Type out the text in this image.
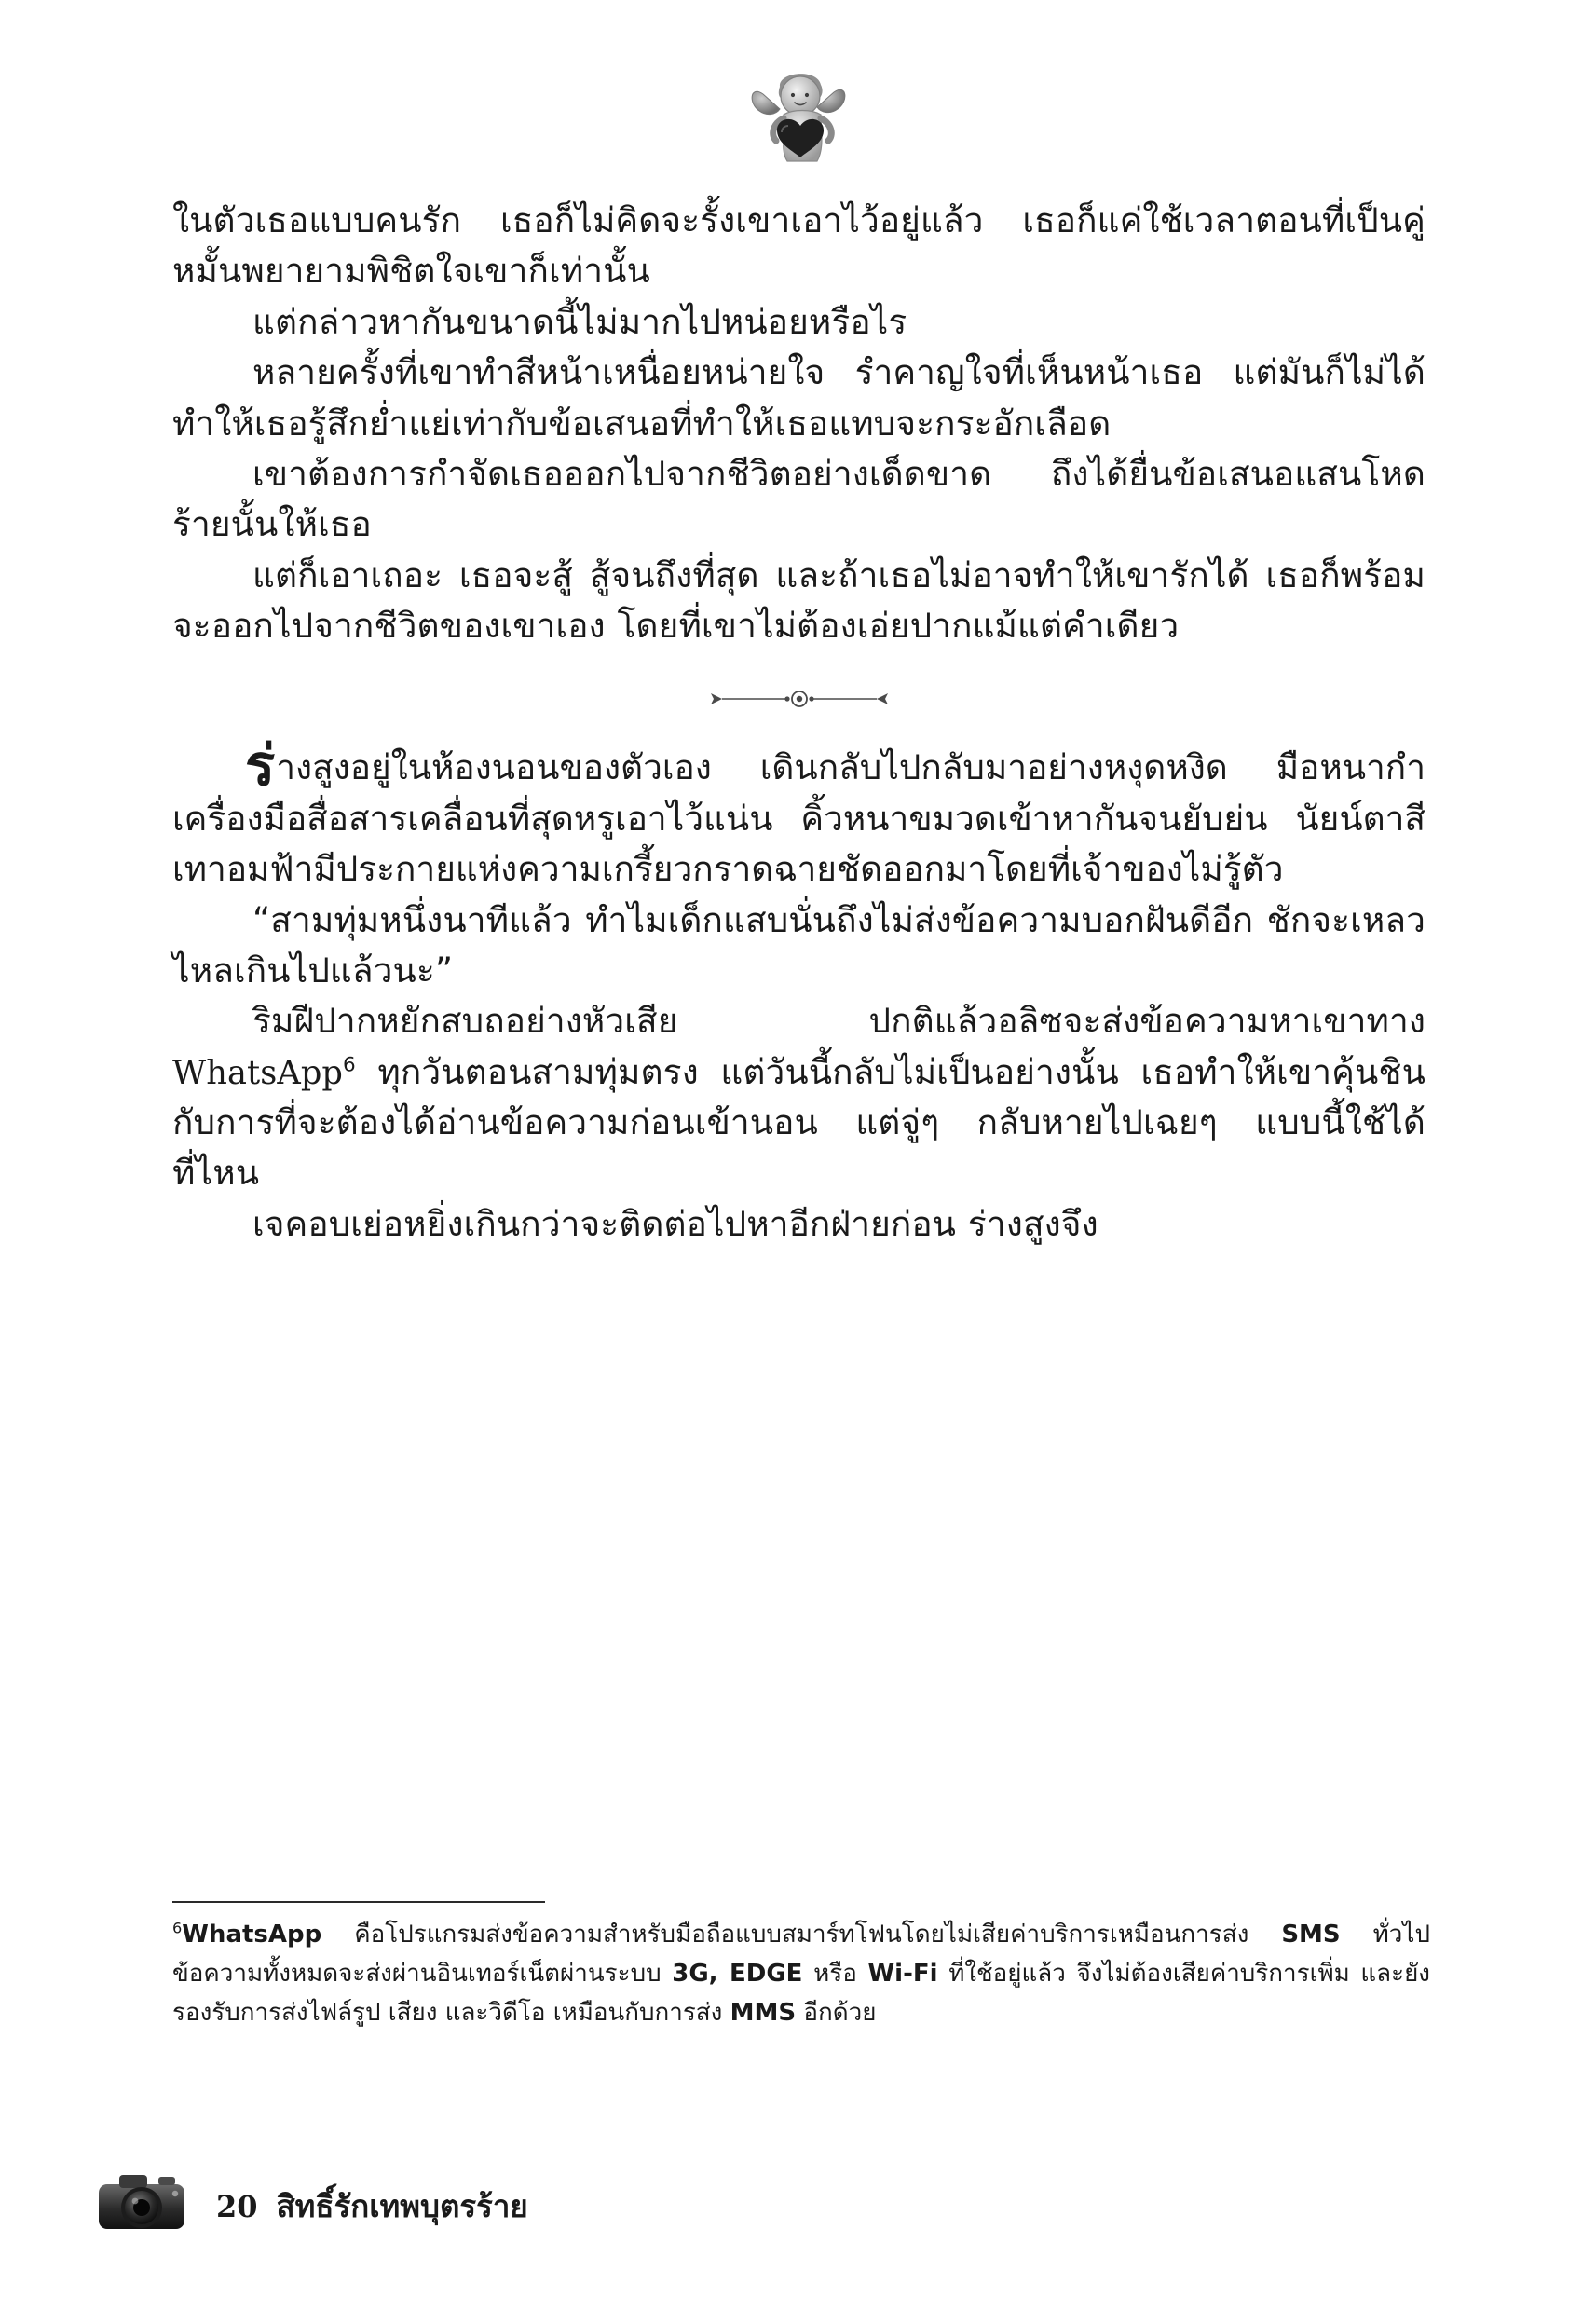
ในตัวเธอแบบคนรัก เธอก็ไม่คิดจะรั้งเขาเอาไว้อยู่แล้ว เธอก็แค่ใช้เวลาตอนที่เป็นคู่หมั้นพยายามพิชิตใจเขาก็เท่านั้น

แต่กล่าวหากันขนาดนี้ไม่มากไปหน่อยหรือไร

หลายครั้งที่เขาทำสีหน้าเหนื่อยหน่ายใจ รำคาญใจที่เห็นหน้าเธอ แต่มันก็ไม่ได้ทำให้เธอรู้สึกย่ำแย่เท่ากับข้อเสนอที่ทำให้เธอแทบจะกระอักเลือด

เขาต้องการกำจัดเธอออกไปจากชีวิตอย่างเด็ดขาด ถึงได้ยื่นข้อเสนอแสนโหดร้ายนั้นให้เธอ

แต่ก็เอาเถอะ เธอจะสู้ สู้จนถึงที่สุด และถ้าเธอไม่อาจทำให้เขารักได้ เธอก็พร้อมจะออกไปจากชีวิตของเขาเอง โดยที่เขาไม่ต้องเอ่ยปากแม้แต่คำเดียว

ร่างสูงอยู่ในห้องนอนของตัวเอง เดินกลับไปกลับมาอย่างหงุดหงิด มือหนากำเครื่องมือสื่อสารเคลื่อนที่สุดหรูเอาไว้แน่น คิ้วหนาขมวดเข้าหากันจนยับย่น นัยน์ตาสีเทาอมฟ้ามีประกายแห่งความเกรี้ยวกราดฉายชัดออกมาโดยที่เจ้าของไม่รู้ตัว

“สามทุ่มหนึ่งนาทีแล้ว ทำไมเด็กแสบนั่นถึงไม่ส่งข้อความบอกฝันดีอีก ชักจะเหลวไหลเกินไปแล้วนะ”

ริมฝีปากหยักสบถอย่างหัวเสีย ปกติแล้วอลิซจะส่งข้อความหาเขาทาง WhatsApp$^6$ ทุกวันตอนสามทุ่มตรง แต่วันนี้กลับไม่เป็นอย่างนั้น เธอทำให้เขาคุ้นชินกับการที่จะต้องได้อ่านข้อความก่อนเข้านอน แต่จู่ๆ กลับหายไปเฉยๆ แบบนี้ใช้ได้ที่ไหน

เจคอบเย่อหยิ่งเกินกว่าจะติดต่อไปหาอีกฝ่ายก่อน ร่างสูงจึง

$^6$WhatsApp คือโปรแกรมส่งข้อความสำหรับมือถือแบบสมาร์ทโฟนโดยไม่เสียค่าบริการเหมือนการส่ง SMS ทั่วไป ข้อความทั้งหมดจะส่งผ่านอินเทอร์เน็ตผ่านระบบ 3G, EDGE หรือ Wi-Fi ที่ใช้อยู่แล้ว จึงไม่ต้องเสียค่าบริการเพิ่ม และยังรองรับการส่งไฟล์รูป เสียง และวิดีโอ เหมือนกับการส่ง MMS อีกด้วย
20 สิทธิ์รักเทพบุตรร้าย
